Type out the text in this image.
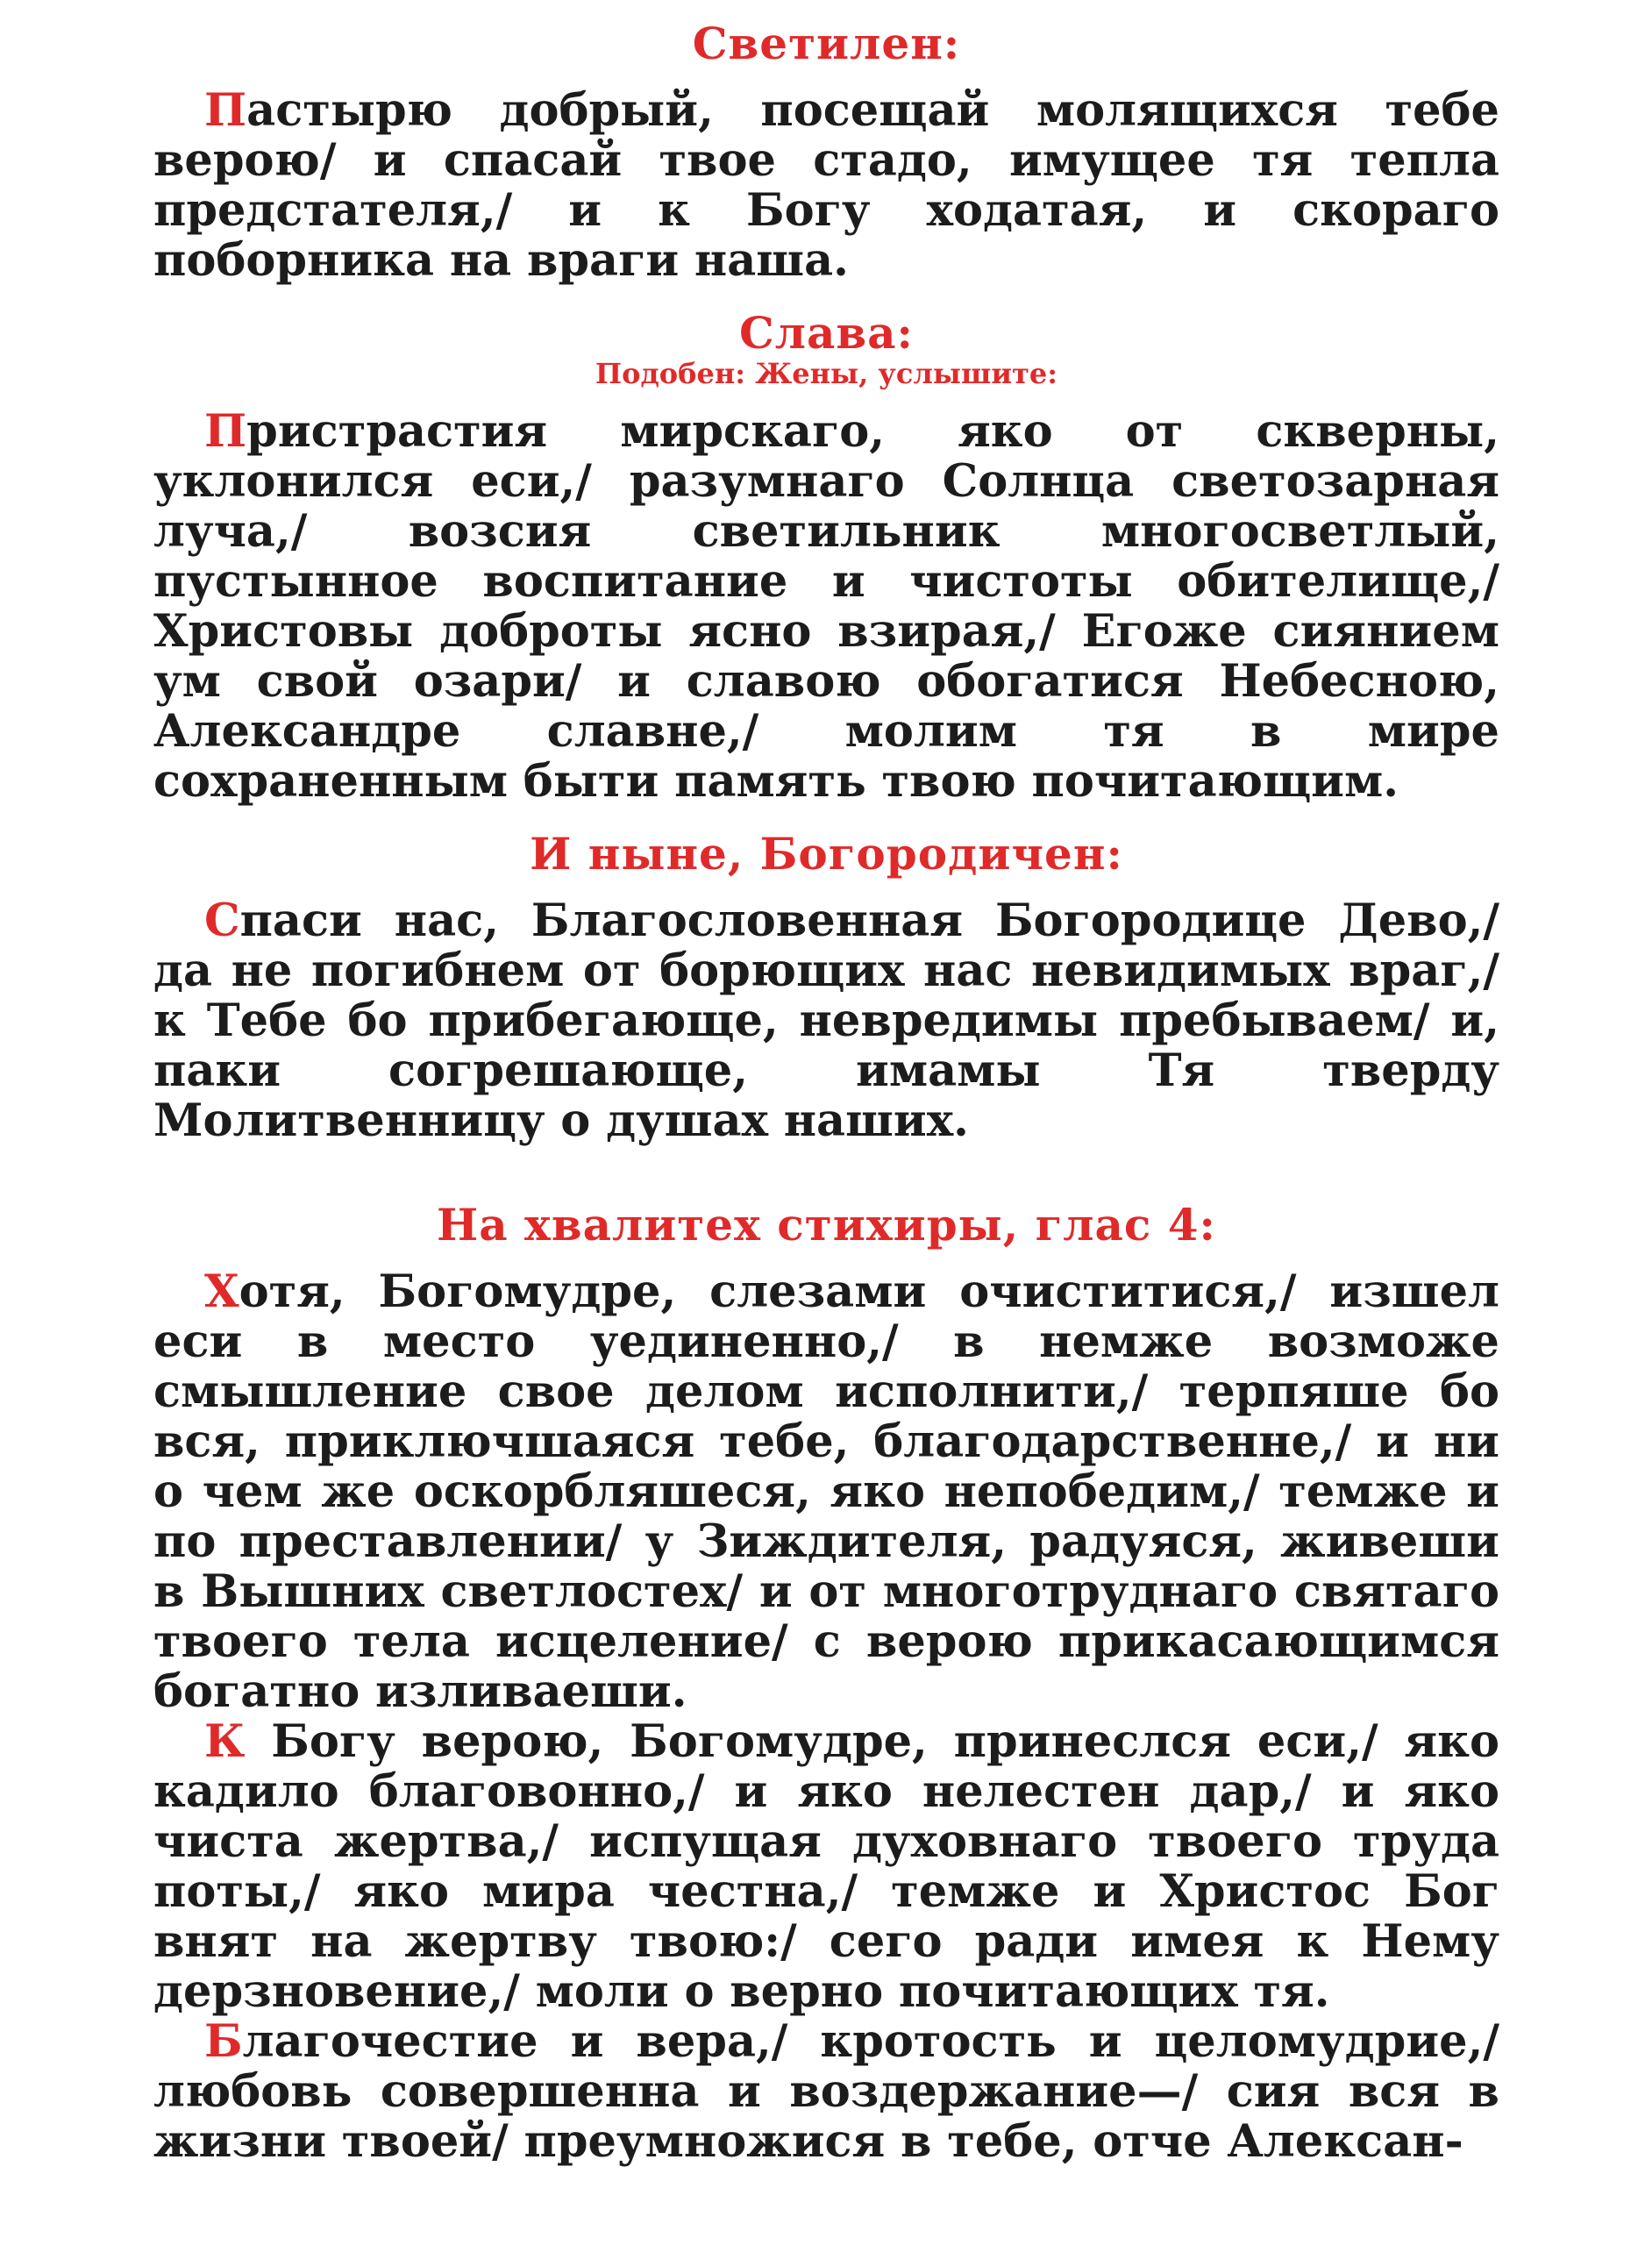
Светилен:

Пастырю добрый, посещай молящихся тебе верою/ и спасай твое стадо, имущее тя тепла предстателя,/ и к Богу ходатая, и скораго поборника на враги наша.

Слава:
Подобен: Жены, услышите:

Пристрастия мирскаго, яко от скверны, уклонился еси,/ разумнаго Солнца светозарная луча,/ возсия светильник многосветлый, пустынное воспитание и чистоты обителище,/ Христовы доброты ясно взирая,/ Егоже сиянием ум свой озари/ и славою обогатися Небесною, Александре славне,/ молим тя в мире сохраненным быти память твою почитающим.

И ныне, Богородичен:

Спаси нас, Благословенная Богородице Дево,/ да не погибнем от борющих нас невидимых враг,/ к Тебе бо прибегающе, невредимы пребываем/ и, паки согрешающе, имамы Тя тверду Молитвенницу о душах наших.

На хвалитех стихиры, глас 4:

Хотя, Богомудре, слезами очиститися,/ изшел еси в место уединенно,/ в немже возможе смышление свое делом исполнити,/ терпяше бо вся, приключшаяся тебе, благодарственне,/ и ни о чем же оскорбляшеся, яко непобедим,/ темже и по преставлении/ у Зиждителя, радуяся, живеши в Вышних светлостех/ и от многотруднаго святаго твоего тела исцеление/ с верою прикасающимся богатно изливаеши.

К Богу верою, Богомудре, принеслся еси,/ яко кадило благовонно,/ и яко нелестен дар,/ и яко чиста жертва,/ испущая духовнаго твоего труда поты,/ яко мира честна,/ темже и Христос Бог внят на жертву твою:/ сего ради имея к Нему дерзновение,/ моли о верно почитающих тя.

Благочестие и вера,/ кротость и целомудрие,/ любовь совершенна и воздержание—/ сия вся в жизни твоей/ преумножися в тебе, отче Алексан-
